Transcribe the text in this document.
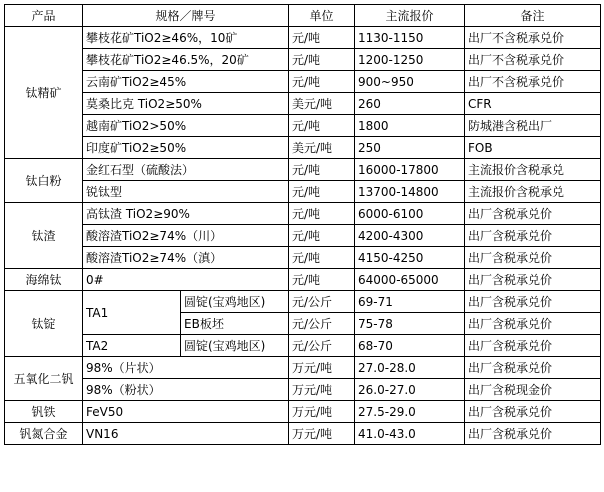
产品	规格／牌号		单位	主流报价	备注
钛精矿	攀枝花矿TiO2≥46%，10矿		元/吨	1130-1150	出厂不含税承兑价
	攀枝花矿TiO2≥46.5%，20矿		元/吨	1200-1250	出厂不含税承兑价
	云南矿TiO2≥45%		元/吨	900~950	出厂不含税承兑价
	莫桑比克 TiO2≥50%		美元/吨	260	CFR
	越南矿TiO2>50%		元/吨	1800	防城港含税出厂
	印度矿TiO2≥50%		美元/吨	250	FOB
钛白粉	金红石型（硫酸法）		元/吨	16000-17800	主流报价含税承兑
	锐钛型		元/吨	13700-14800	主流报价含税承兑
钛渣	高钛渣 TiO2≥90%		元/吨	6000-6100	出厂含税承兑价
	酸溶渣TiO2≥74%（川）		元/吨	4200-4300	出厂含税承兑价
	酸溶渣TiO2≥74%（滇）		元/吨	4150-4250	出厂含税承兑价
海绵钛	0#		元/吨	64000-65000	出厂含税承兑价
钛锭	TA1	圆锭(宝鸡地区)	元/公斤	69-71	出厂含税承兑价
		EB板坯	元/公斤	75-78	出厂含税承兑价
	TA2	圆锭(宝鸡地区)	元/公斤	68-70	出厂含税承兑价
五氧化二钒	98%（片状）		万元/吨	27.0-28.0	出厂含税承兑价
	98%（粉状）		万元/吨	26.0-27.0	出厂含税现金价
钒铁	FeV50		万元/吨	27.5-29.0	出厂含税承兑价
钒氮合金	VN16		万元/吨	41.0-43.0	出厂含税承兑价
